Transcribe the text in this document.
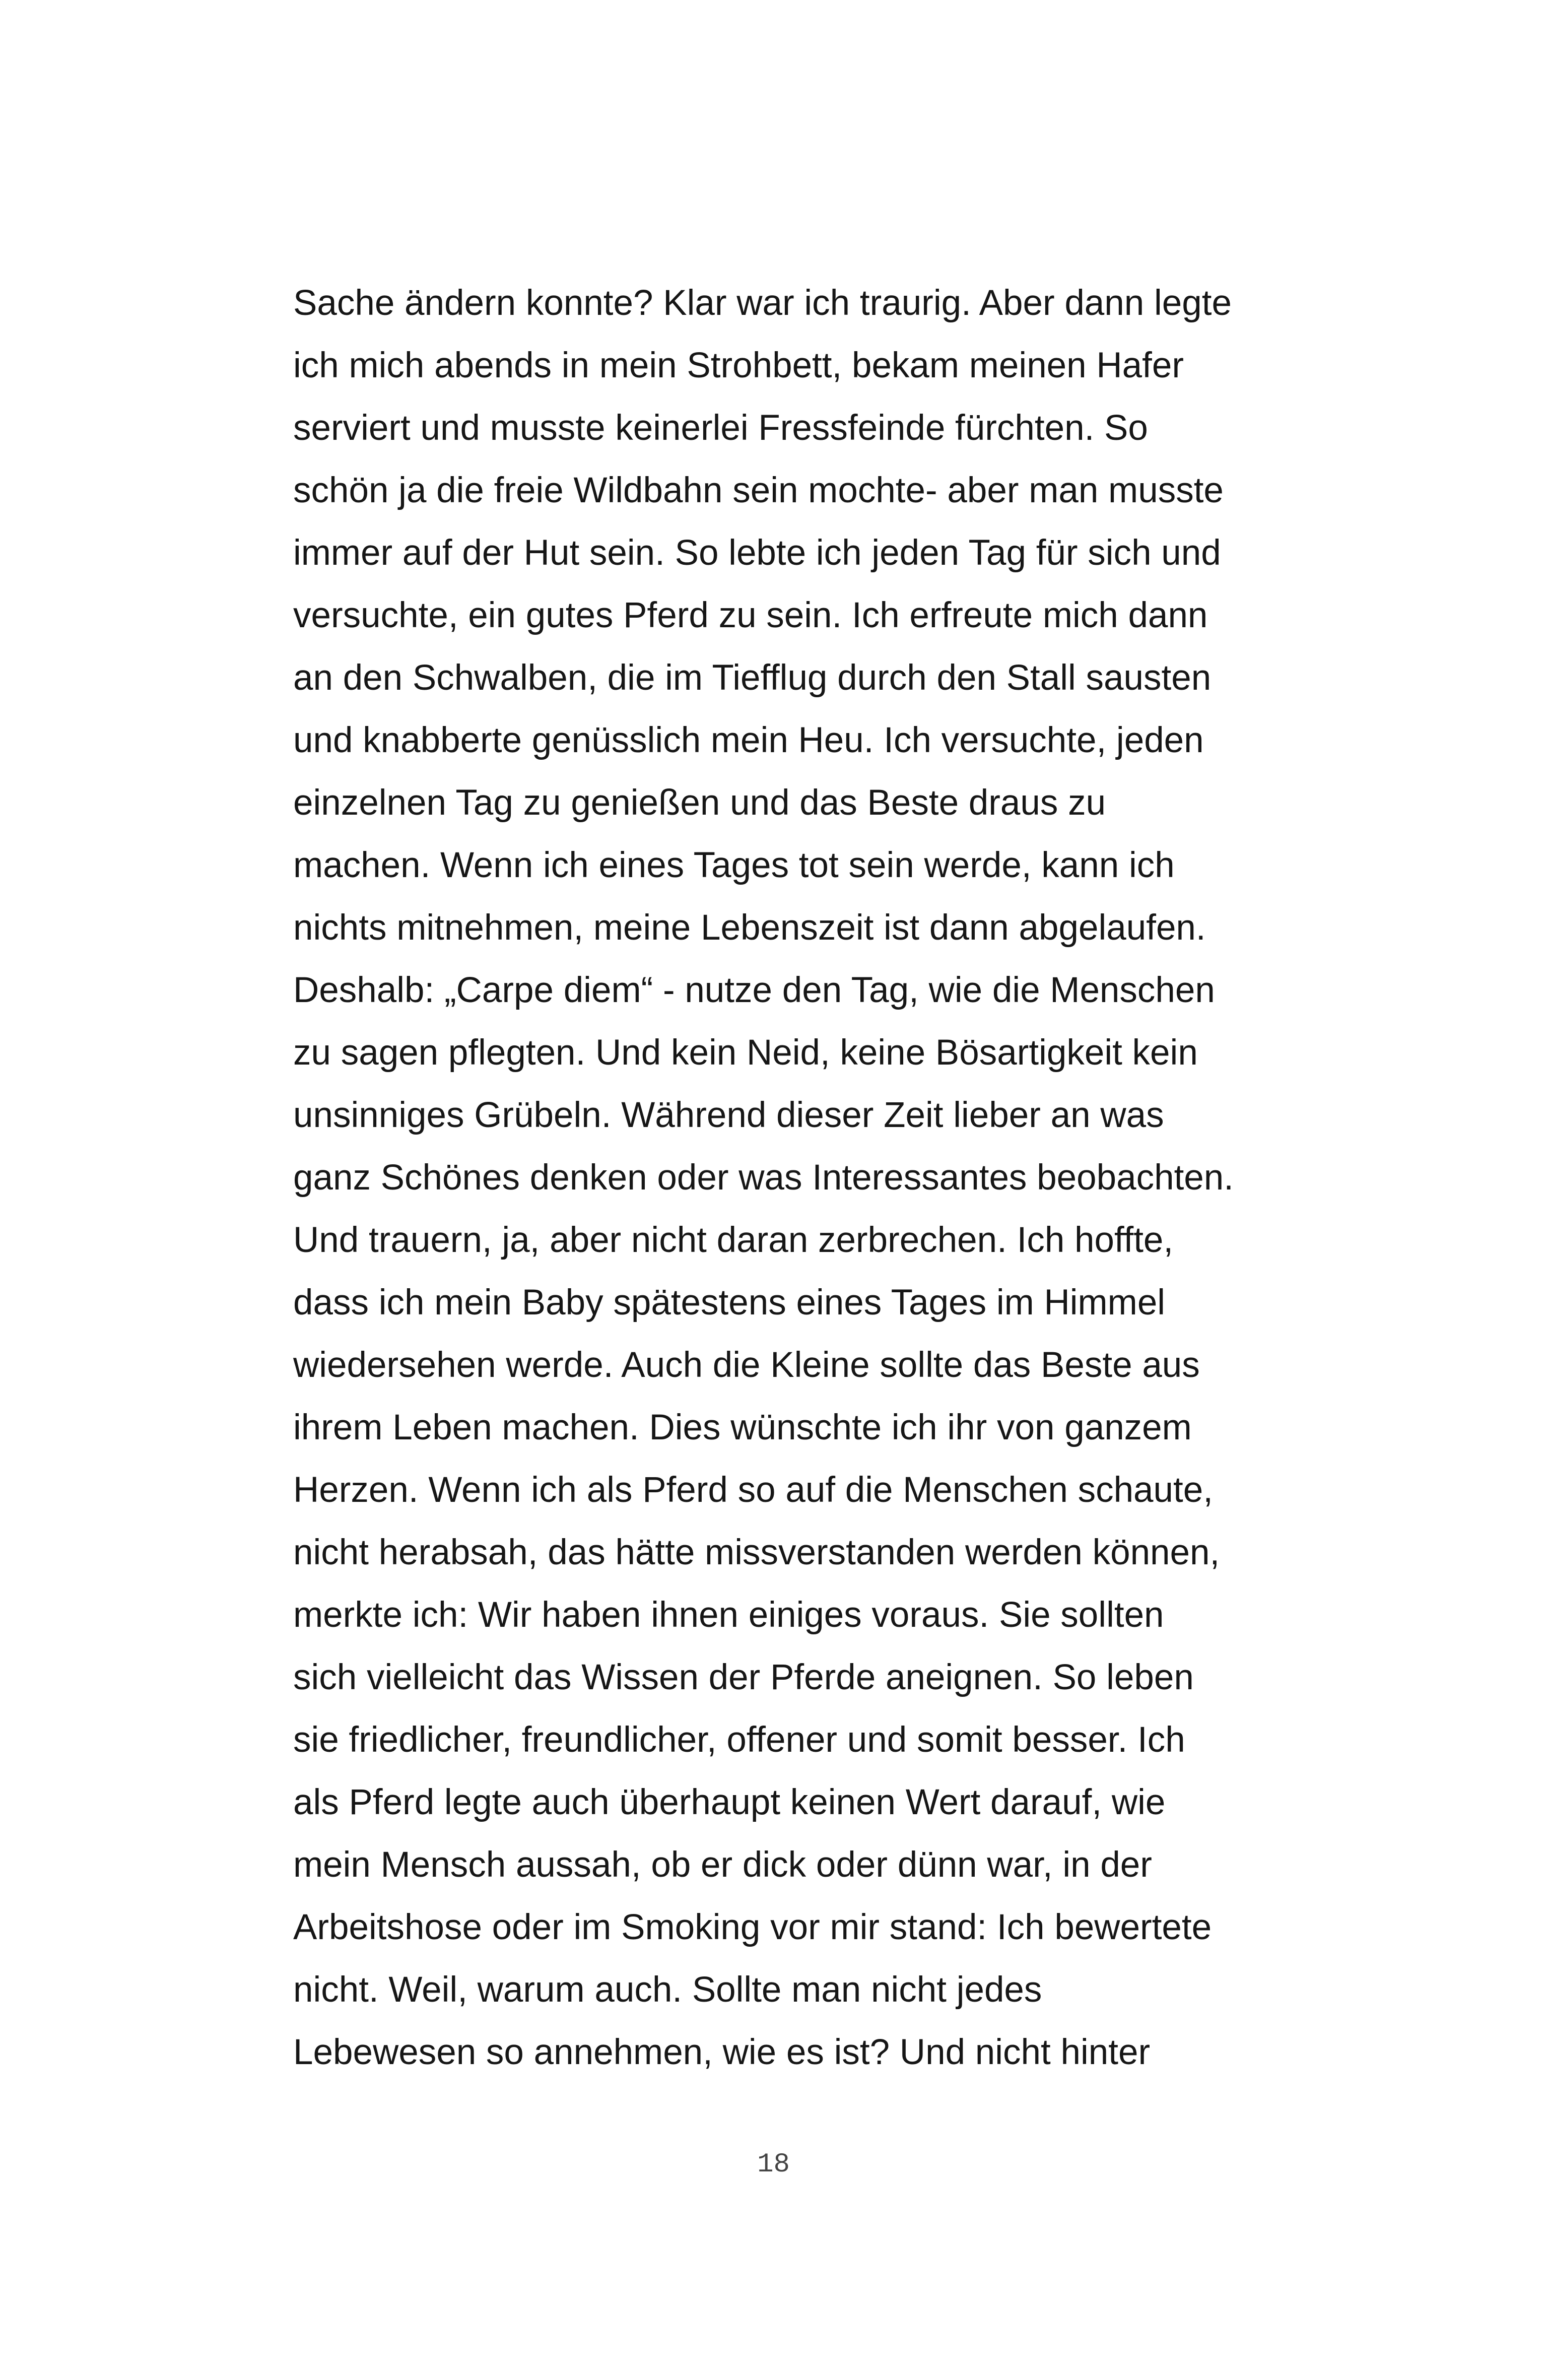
Sache ändern konnte? Klar war ich traurig. Aber dann legte
ich mich abends in mein Strohbett, bekam meinen Hafer
serviert und musste keinerlei Fressfeinde fürchten. So
schön ja die freie Wildbahn sein mochte- aber man musste
immer auf der Hut sein. So lebte ich jeden Tag für sich und
versuchte, ein gutes Pferd zu sein. Ich erfreute mich dann
an den Schwalben, die im Tiefflug durch den Stall sausten
und knabberte genüsslich mein Heu. Ich versuchte, jeden
einzelnen Tag zu genießen und das Beste draus zu
machen. Wenn ich eines Tages tot sein werde, kann ich
nichts mitnehmen, meine Lebenszeit ist dann abgelaufen.
Deshalb: „Carpe diem“ - nutze den Tag, wie die Menschen
zu sagen pflegten. Und kein Neid, keine Bösartigkeit kein
unsinniges Grübeln. Während dieser Zeit lieber an was
ganz Schönes denken oder was Interessantes beobachten.
Und trauern, ja, aber nicht daran zerbrechen. Ich hoffte,
dass ich mein Baby spätestens eines Tages im Himmel
wiedersehen werde. Auch die Kleine sollte das Beste aus
ihrem Leben machen. Dies wünschte ich ihr von ganzem
Herzen. Wenn ich als Pferd so auf die Menschen schaute,
nicht herabsah, das hätte missverstanden werden können,
merkte ich: Wir haben ihnen einiges voraus. Sie sollten
sich vielleicht das Wissen der Pferde aneignen. So leben
sie friedlicher, freundlicher, offener und somit besser. Ich
als Pferd legte auch überhaupt keinen Wert darauf, wie
mein Mensch aussah, ob er dick oder dünn war, in der
Arbeitshose oder im Smoking vor mir stand: Ich bewertete
nicht. Weil, warum auch. Sollte man nicht jedes
Lebewesen so annehmen, wie es ist? Und nicht hinter
18
